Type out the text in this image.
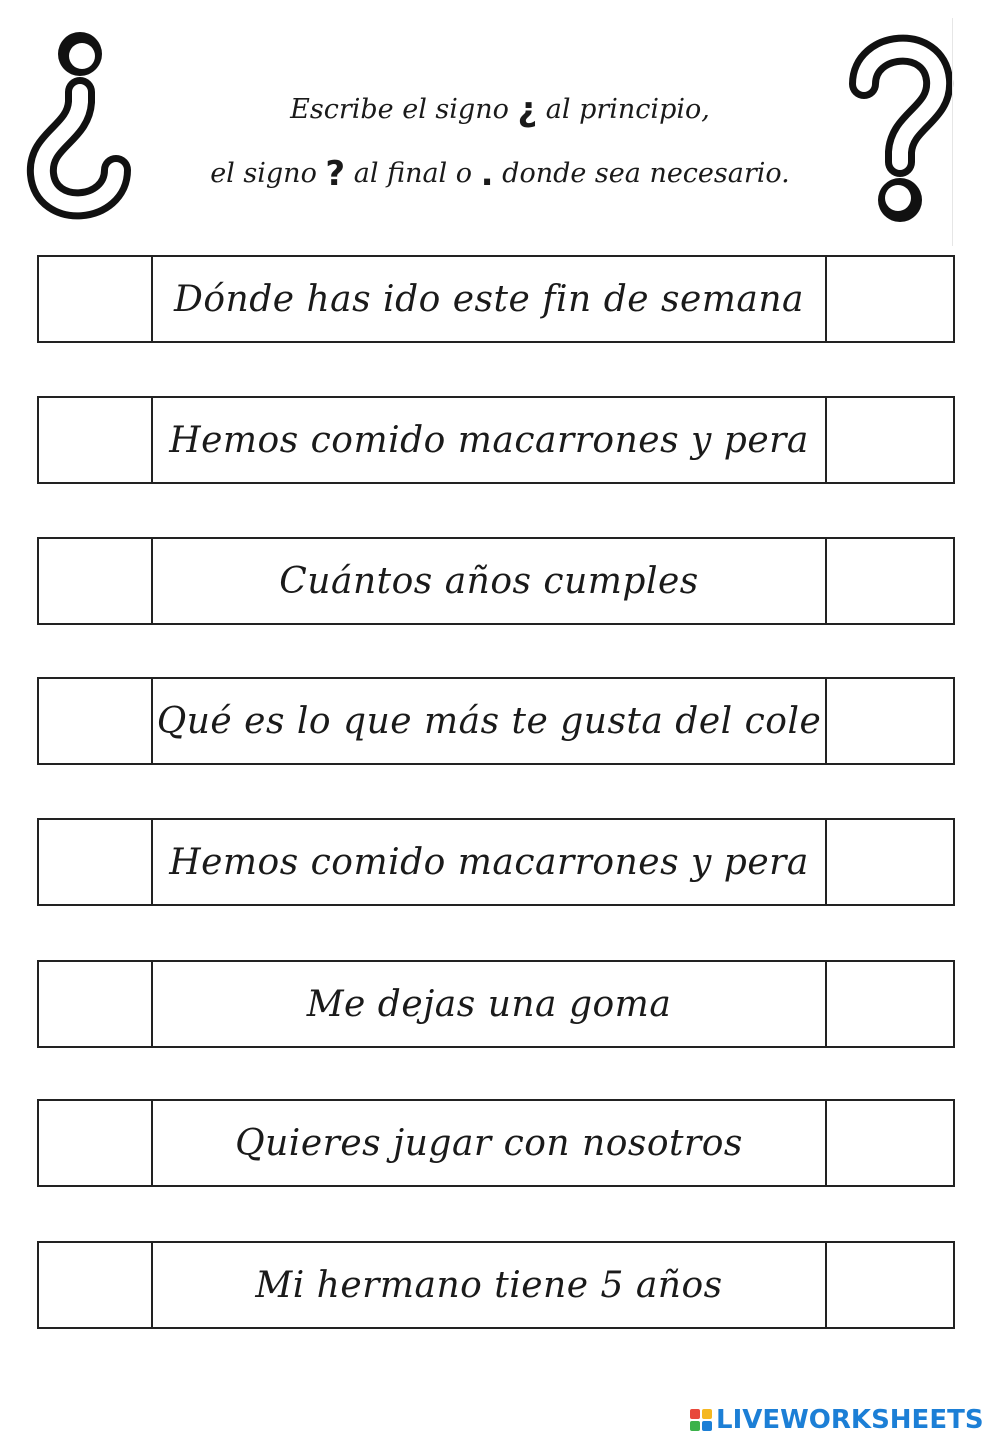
Escribe el signo ¿ al principio,
el signo ? al final o . donde sea necesario.
Dónde has ido este fin de semana
Hemos comido macarrones y pera
Cuántos años cumples
Qué es lo que más te gusta del cole
Hemos comido macarrones y pera
Me dejas una goma
Quieres jugar con nosotros
Mi hermano tiene 5 años
LIVEWORKSHEETS
